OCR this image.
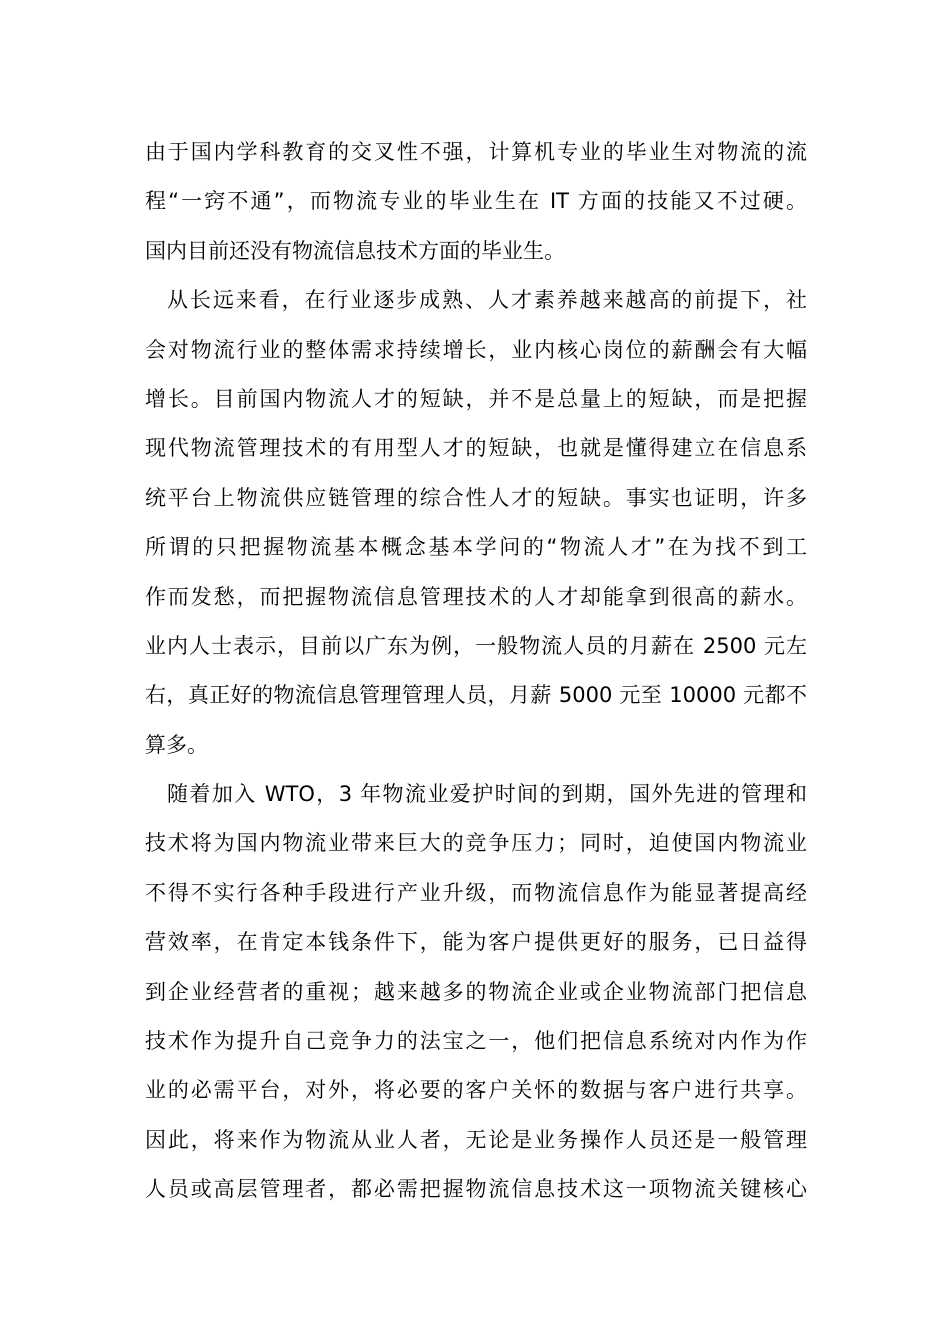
由于国内学科教育的交叉性不强，计算机专业的毕业生对物流的流
程“一窍不通”，而物流专业的毕业生在 IT 方面的技能又不过硬。
国内目前还没有物流信息技术方面的毕业生。
从长远来看，在行业逐步成熟、人才素养越来越高的前提下，社
会对物流行业的整体需求持续增长，业内核心岗位的薪酬会有大幅
增长。目前国内物流人才的短缺，并不是总量上的短缺，而是把握
现代物流管理技术的有用型人才的短缺，也就是懂得建立在信息系
统平台上物流供应链管理的综合性人才的短缺。事实也证明，许多
所谓的只把握物流基本概念基本学问的“物流人才”在为找不到工
作而发愁，而把握物流信息管理技术的人才却能拿到很高的薪水。
业内人士表示，目前以广东为例，一般物流人员的月薪在 2500 元左
右，真正好的物流信息管理管理人员，月薪 5000 元至 10000 元都不
算多。
随着加入 WTO，3 年物流业爱护时间的到期，国外先进的管理和
技术将为国内物流业带来巨大的竞争压力；同时，迫使国内物流业
不得不实行各种手段进行产业升级，而物流信息作为能显著提高经
营效率，在肯定本钱条件下，能为客户提供更好的服务，已日益得
到企业经营者的重视；越来越多的物流企业或企业物流部门把信息
技术作为提升自己竞争力的法宝之一，他们把信息系统对内作为作
业的必需平台，对外，将必要的客户关怀的数据与客户进行共享。
因此，将来作为物流从业人者，无论是业务操作人员还是一般管理
人员或高层管理者，都必需把握物流信息技术这一项物流关键核心
